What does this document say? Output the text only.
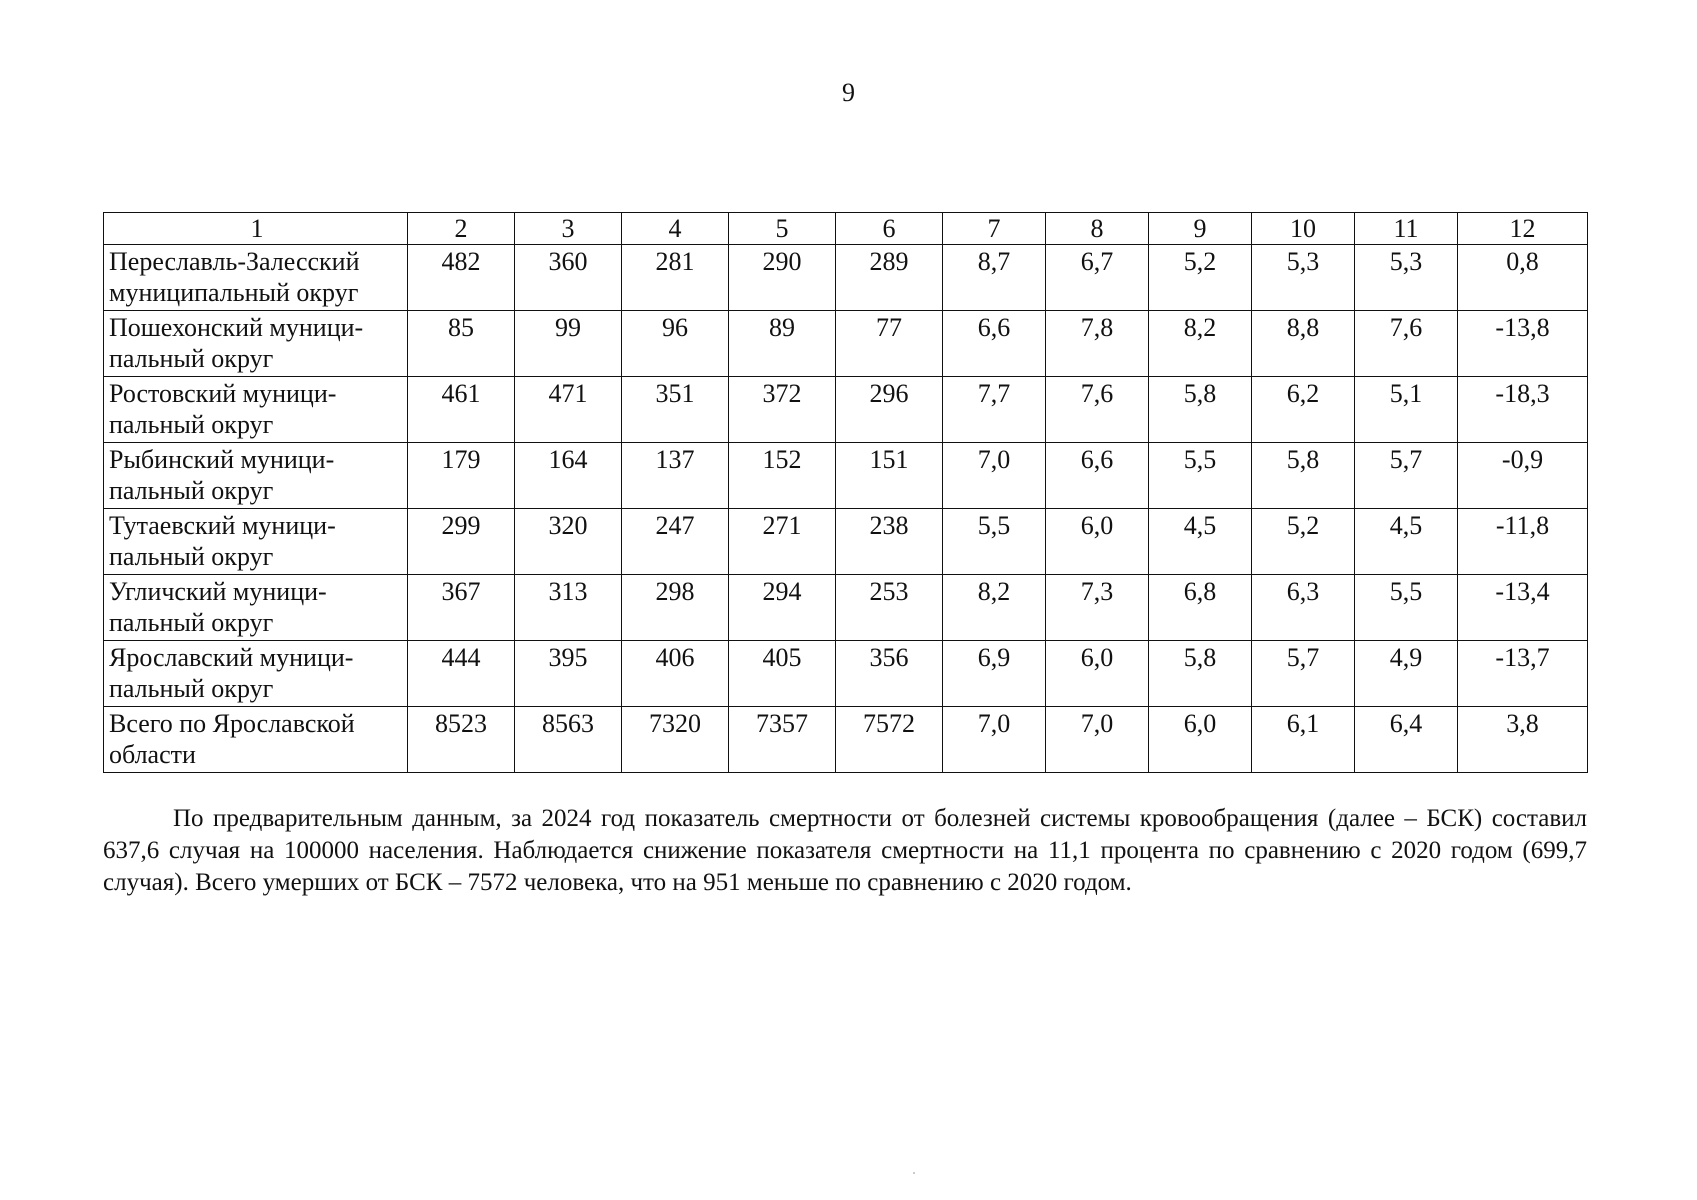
9
1	2	3	4	5	6	7	8	9	10	11	12

Переславль-Залесский
муниципальный округ	482	360	281	290	289	8,7	6,7	5,2	5,3	5,3	0,8

Пошехонский муници-
пальный округ	85	99	96	89	77	6,6	7,8	8,2	8,8	7,6	-13,8

Ростовский муници-
пальный округ	461	471	351	372	296	7,7	7,6	5,8	6,2	5,1	-18,3

Рыбинский муници-
пальный округ	179	164	137	152	151	7,0	6,6	5,5	5,8	5,7	-0,9

Тутаевский муници-
пальный округ	299	320	247	271	238	5,5	6,0	4,5	5,2	4,5	-11,8

Угличский муници-
пальный округ	367	313	298	294	253	8,2	7,3	6,8	6,3	5,5	-13,4

Ярославский муници-
пальный округ	444	395	406	405	356	6,9	6,0	5,8	5,7	4,9	-13,7

Всего по Ярославской
области	8523	8563	7320	7357	7572	7,0	7,0	6,0	6,1	6,4	3,8

По предварительным данным, за 2024 год показатель смертности от болезней системы кровообращения (далее – БСК) составил 637,6 случая на 100000 населения. Наблюдается снижение показателя смертности на 11,1 процента по сравнению с 2020 годом (699,7 случая). Всего умерших от БСК – 7572 человека, что на 951 меньше по сравнению с 2020 годом.
